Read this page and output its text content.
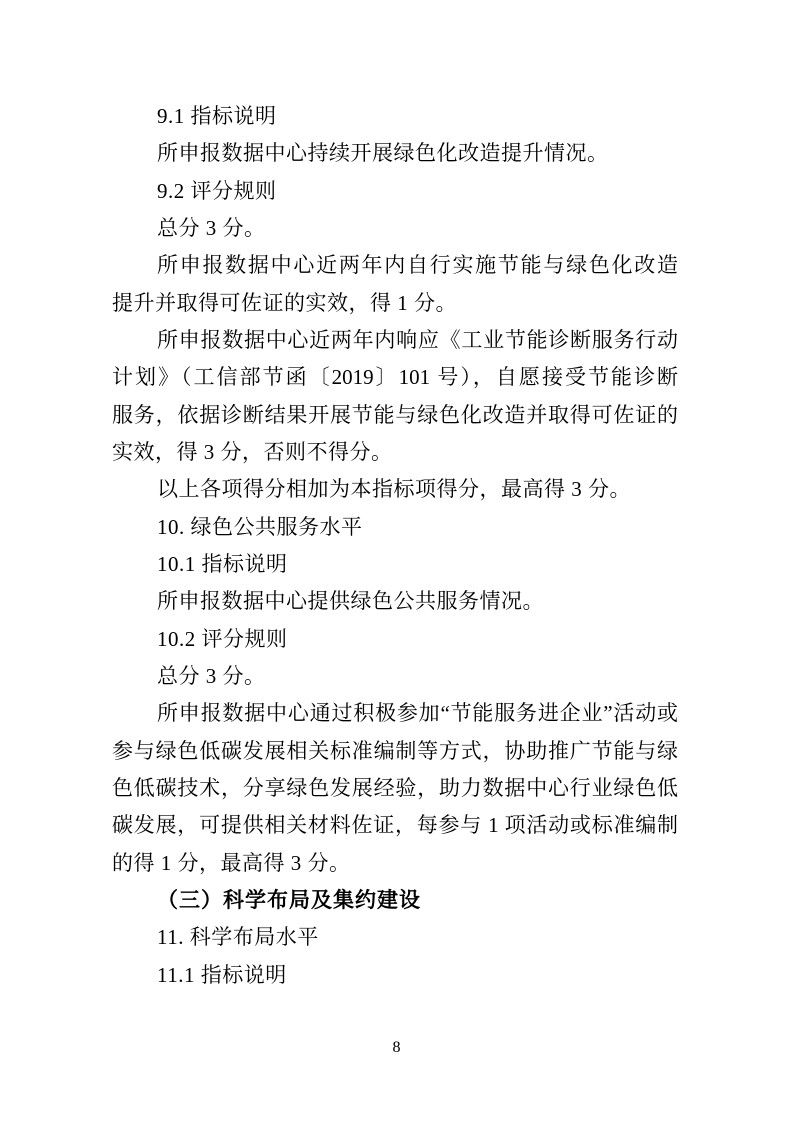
9.1 指标说明
所申报数据中心持续开展绿色化改造提升情况。
9.2 评分规则
总分 3 分。
所申报数据中心近两年内自行实施节能与绿色化改造
提升并取得可佐证的实效，得 1 分。
所申报数据中心近两年内响应《工业节能诊断服务行动
计划》（工信部节函〔2019〕101 号），自愿接受节能诊断
服务，依据诊断结果开展节能与绿色化改造并取得可佐证的
实效，得 3 分，否则不得分。
以上各项得分相加为本指标项得分，最高得 3 分。
10. 绿色公共服务水平
10.1 指标说明
所申报数据中心提供绿色公共服务情况。
10.2 评分规则
总分 3 分。
所申报数据中心通过积极参加“节能服务进企业”活动或
参与绿色低碳发展相关标准编制等方式，协助推广节能与绿
色低碳技术，分享绿色发展经验，助力数据中心行业绿色低
碳发展，可提供相关材料佐证，每参与 1 项活动或标准编制
的得 1 分，最高得 3 分。
（三）科学布局及集约建设
11. 科学布局水平
11.1 指标说明
8
